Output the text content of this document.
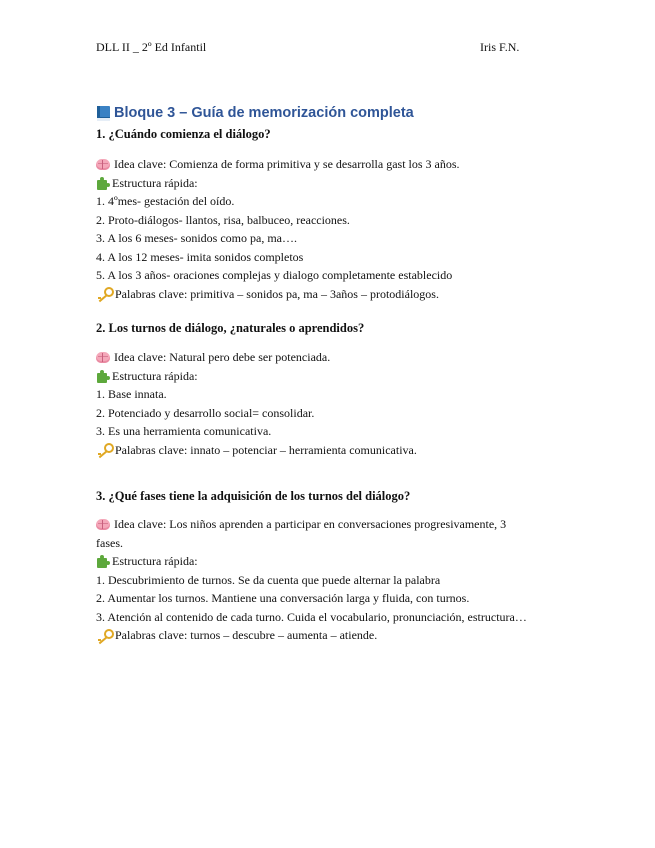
DLL II _ 2º Ed Infantil	Iris F.N.
Bloque 3 – Guía de memorización completa
1. ¿Cuándo comienza el diálogo?
Idea clave: Comienza de forma primitiva y se desarrolla gast los 3 años.
Estructura rápida:
1. 4ºmes- gestación del oído.
2. Proto-diálogos- llantos, risa, balbuceo, reacciones.
3. A los 6 meses- sonidos como pa, ma….
4. A los 12 meses- imita sonidos completos
5. A los 3 años- oraciones complejas y dialogo completamente establecido
Palabras clave: primitiva – sonidos pa, ma – 3años – protodiálogos.
2. Los turnos de diálogo, ¿naturales o aprendidos?
Idea clave: Natural pero debe ser potenciada.
Estructura rápida:
1. Base innata.
2. Potenciado y desarrollo social= consolidar.
3. Es una herramienta comunicativa.
Palabras clave: innato – potenciar – herramienta comunicativa.
3. ¿Qué fases tiene la adquisición de los turnos del diálogo?
Idea clave: Los niños aprenden a participar en conversaciones progresivamente, 3 fases.
Estructura rápida:
1. Descubrimiento de turnos. Se da cuenta que puede alternar la palabra
2. Aumentar los turnos. Mantiene una conversación larga y fluida, con turnos.
3. Atención al contenido de cada turno. Cuida el vocabulario, pronunciación, estructura…
Palabras clave: turnos – descubre – aumenta – atiende.
